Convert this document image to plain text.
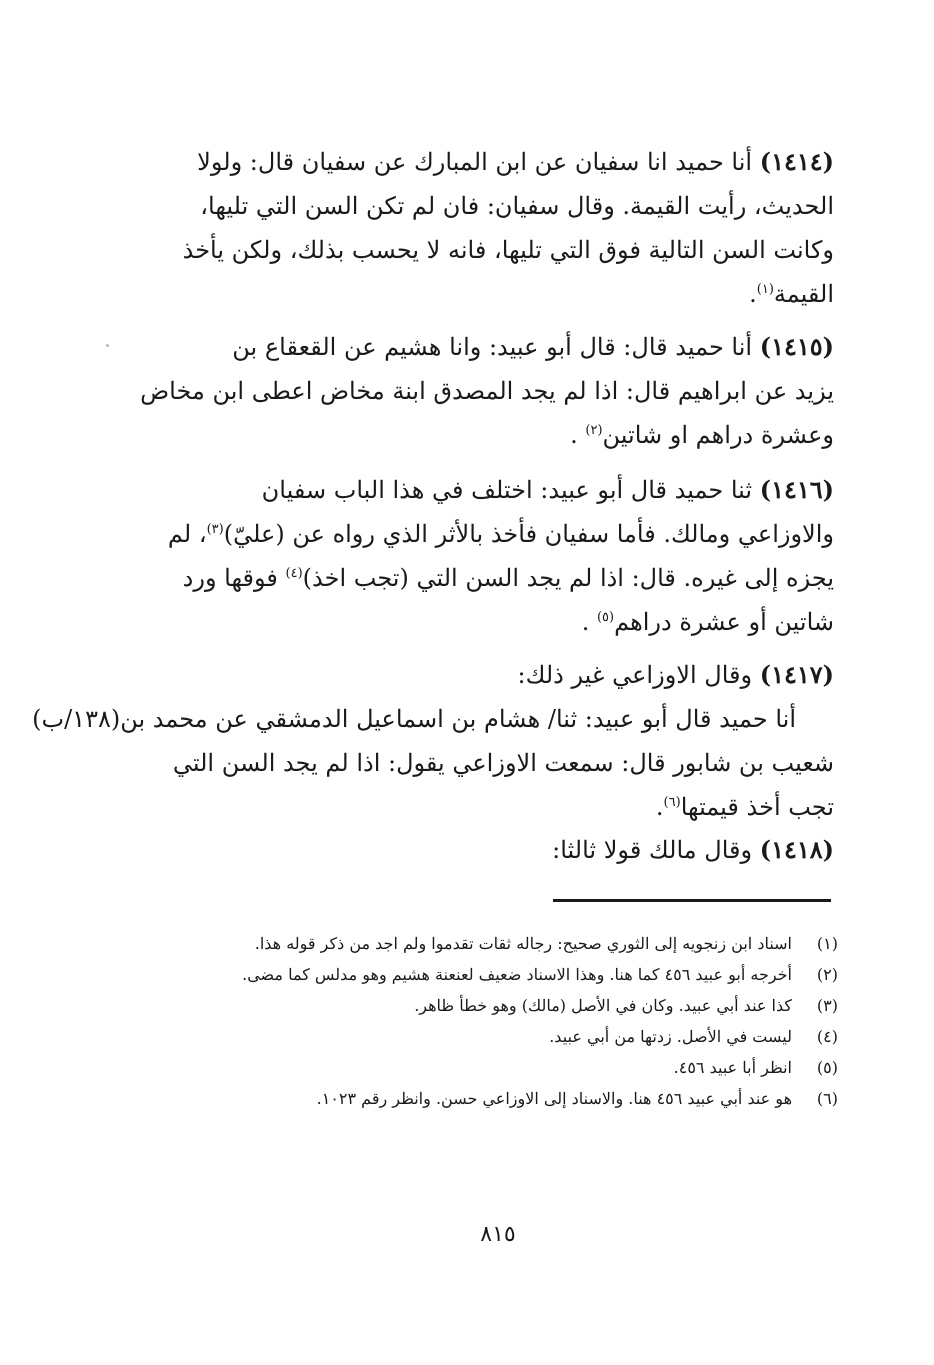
(١٤١٤) أنا حميد انا سفيان عن ابن المبارك عن سفيان قال: ولولا
الحديث، رأيت القيمة. وقال سفيان: فان لم تكن السن التي تليها،
وكانت السن التالية فوق التي تليها، فانه لا يحسب بذلك، ولكن يأخذ
القيمة$^{(١)}$.
(١٤١٥) أنا حميد قال: قال أبو عبيد: وانا هشيم عن القعقاع بن
يزيد عن ابراهيم قال: اذا لم يجد المصدق ابنة مخاض اعطى ابن مخاض
وعشرة دراهم او شاتين$^{(٢)}$ .
(١٤١٦) ثنا حميد قال أبو عبيد: اختلف في هذا الباب سفيان
والاوزاعي ومالك. فأما سفيان فأخذ بالأثر الذي رواه عن (عليّ)$^{(٣)}$، لم
يجزه إلى غيره. قال: اذا لم يجد السن التي (تجب اخذ)$^{(٤)}$ فوقها ورد
شاتين أو عشرة دراهم$^{(٥)}$ .
(١٤١٧) وقال الاوزاعي غير ذلك:
أنا حميد قال أبو عبيد: ثنا/ هشام بن اسماعيل الدمشقي عن محمد بن(١٣٨/ب)
شعيب بن شابور قال: سمعت الاوزاعي يقول: اذا لم يجد السن التي
تجب أخذ قيمتها$^{(٦)}$.
(١٤١٨) وقال مالك قولا ثالثا:
(١)
اسناد ابن زنجويه إلى الثوري صحيح: رجاله ثقات تقدموا ولم اجد من ذكر قوله هذا.
(٢)
أخرجه أبو عبيد ٤٥٦ كما هنا. وهذا الاسناد ضعيف لعنعنة هشيم وهو مدلس كما مضى.
(٣)
كذا عند أبي عبيد. وكان في الأصل (مالك) وهو خطأ ظاهر.
(٤)
ليست في الأصل. زدتها من أبي عبيد.
(٥)
انظر أبا عبيد ٤٥٦.
(٦)
هو عند أبي عبيد ٤٥٦ هنا. والاسناد إلى الاوزاعي حسن. وانظر رقم ١٠٢٣.
٨١٥
